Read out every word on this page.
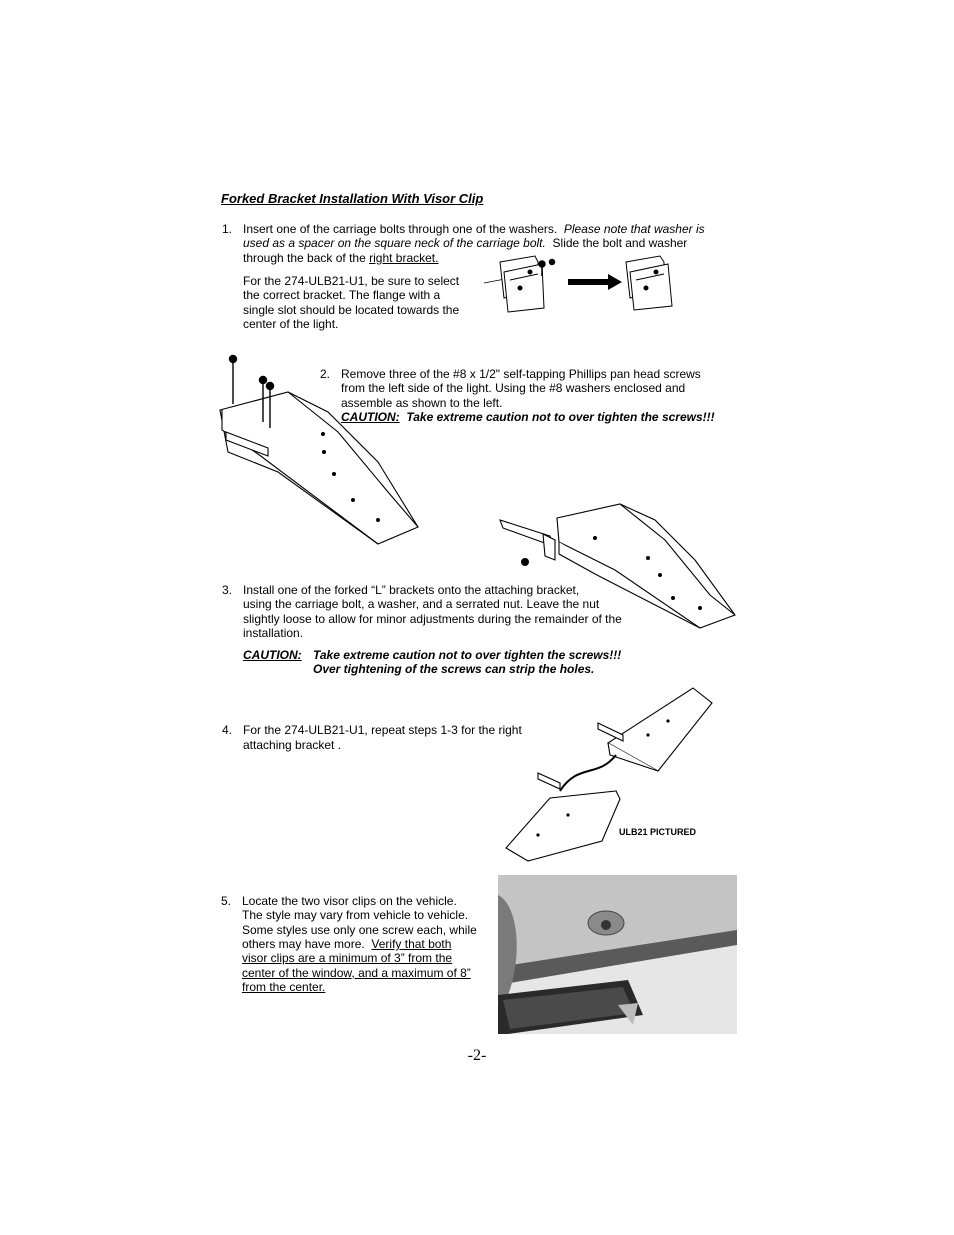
Forked Bracket Installation With Visor Clip
1. Insert one of the carriage bolts through one of the washers. Please note that washer is
used as a spacer on the square neck of the carriage bolt. Slide the bolt and washer
through the back of the right bracket.
For the 274-ULB21-U1, be sure to select
the correct bracket. The flange with a
single slot should be located towards the
center of the light.
2. Remove three of the #8 x 1/2" self-tapping Phillips pan head screws
from the left side of the light. Using the #8 washers enclosed and
assemble as shown to the left.
CAUTION: Take extreme caution not to over tighten the screws!!!
3. Install one of the forked “L” brackets onto the attaching bracket,
using the carriage bolt, a washer, and a serrated nut. Leave the nut
slightly loose to allow for minor adjustments during the remainder of the
installation.
CAUTION: Take extreme caution not to over tighten the screws!!!
Over tightening of the screws can strip the holes.
4. For the 274-ULB21-U1, repeat steps 1-3 for the right
attaching bracket .
ULB21 PICTURED
5. Locate the two visor clips on the vehicle.
The style may vary from vehicle to vehicle.
Some styles use only one screw each, while
others may have more. Verify that both
visor clips are a minimum of 3” from the
center of the window, and a maximum of 8”
from the center.
-2-
